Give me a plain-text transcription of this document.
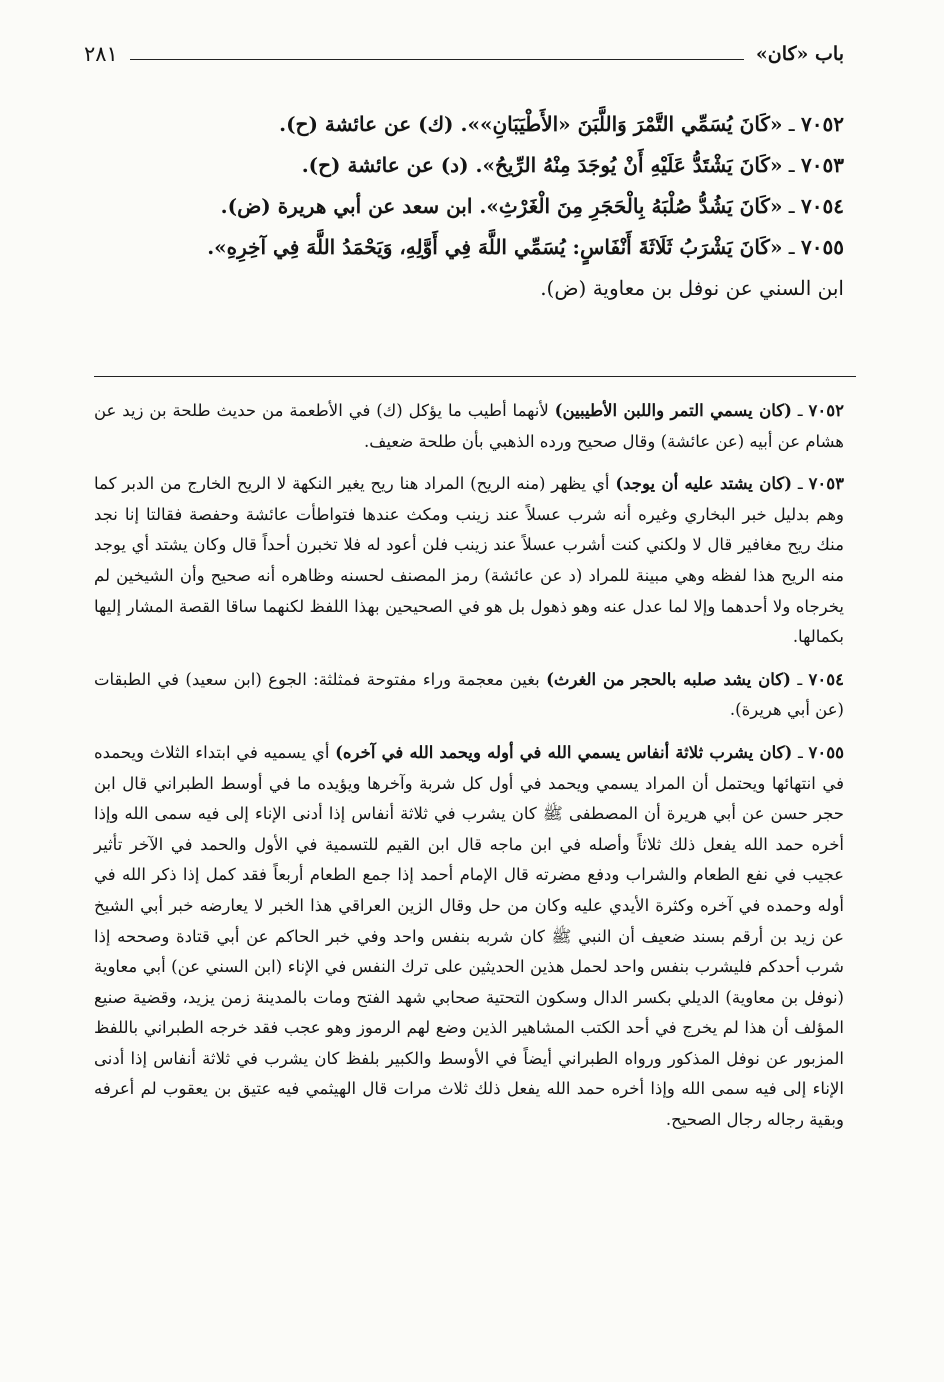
باب «كان»
٢٨١

٧٠٥٢ ـ «كَانَ يُسَمِّي التَّمْرَ وَاللَّبَنَ «الأَطْيَبَانِ»». (ك) عن عائشة (ح).

٧٠٥٣ ـ «كَانَ يَشْتَدُّ عَلَيْهِ أَنْ يُوجَدَ مِنْهُ الرِّيحُ». (د) عن عائشة (ح).

٧٠٥٤ ـ «كَانَ يَشُدُّ صُلْبَهُ بِالْحَجَرِ مِنَ الْغَرْثِ». ابن سعد عن أبي هريرة (ض).

٧٠٥٥ ـ «كَانَ يَشْرَبُ ثَلَاثَةَ أَنْفَاسٍ: يُسَمِّي اللَّهَ فِي أَوَّلِهِ، وَيَحْمَدُ اللَّهَ فِي آخِرِهِ».

ابن السني عن نوفل بن معاوية (ض).

٧٠٥٢ ـ (كان يسمي التمر واللبن الأطيبين) لأنهما أطيب ما يؤكل (ك) في الأطعمة من حديث طلحة بن زيد عن هشام عن أبيه (عن عائشة) وقال صحيح ورده الذهبي بأن طلحة ضعيف.

٧٠٥٣ ـ (كان يشتد عليه أن يوجد) أي يظهر (منه الريح) المراد هنا ريح يغير النكهة لا الريح الخارج من الدبر كما وهم بدليل خبر البخاري وغيره أنه شرب عسلاً عند زينب ومكث عندها فتواطأت عائشة وحفصة فقالتا إنا نجد منك ريح مغافير قال لا ولكني كنت أشرب عسلاً عند زينب فلن أعود له فلا تخبرن أحداً قال وكان يشتد أي يوجد منه الريح هذا لفظه وهي مبينة للمراد (د عن عائشة) رمز المصنف لحسنه وظاهره أنه صحيح وأن الشيخين لم يخرجاه ولا أحدهما وإلا لما عدل عنه وهو ذهول بل هو في الصحيحين بهذا اللفظ لكنهما ساقا القصة المشار إليها بكمالها.

٧٠٥٤ ـ (كان يشد صلبه بالحجر من الغرث) بغين معجمة وراء مفتوحة فمثلثة: الجوع (ابن سعيد) في الطبقات (عن أبي هريرة).

٧٠٥٥ ـ (كان يشرب ثلاثة أنفاس يسمي الله في أوله ويحمد الله في آخره) أي يسميه في ابتداء الثلاث ويحمده في انتهائها ويحتمل أن المراد يسمي ويحمد في أول كل شربة وآخرها ويؤيده ما في أوسط الطبراني قال ابن حجر حسن عن أبي هريرة أن المصطفى ﷺ كان يشرب في ثلاثة أنفاس إذا أدنى الإناء إلى فيه سمى الله وإذا أخره حمد الله يفعل ذلك ثلاثاً وأصله في ابن ماجه قال ابن القيم للتسمية في الأول والحمد في الآخر تأثير عجيب في نفع الطعام والشراب ودفع مضرته قال الإمام أحمد إذا جمع الطعام أربعاً فقد كمل إذا ذكر الله في أوله وحمده في آخره وكثرة الأيدي عليه وكان من حل وقال الزين العراقي هذا الخبر لا يعارضه خبر أبي الشيخ عن زيد بن أرقم بسند ضعيف أن النبي ﷺ كان شربه بنفس واحد وفي خبر الحاكم عن أبي قتادة وصححه إذا شرب أحدكم فليشرب بنفس واحد لحمل هذين الحديثين على ترك النفس في الإناء (ابن السني عن) أبي معاوية (نوفل بن معاوية) الديلي بكسر الدال وسكون التحتية صحابي شهد الفتح ومات بالمدينة زمن يزيد، وقضية صنيع المؤلف أن هذا لم يخرج في أحد الكتب المشاهير الذين وضع لهم الرموز وهو عجب فقد خرجه الطبراني باللفظ المزبور عن نوفل المذكور ورواه الطبراني أيضاً في الأوسط والكبير بلفظ كان يشرب في ثلاثة أنفاس إذا أدنى الإناء إلى فيه سمى الله وإذا أخره حمد الله يفعل ذلك ثلاث مرات قال الهيثمي فيه عتيق بن يعقوب لم أعرفه وبقية رجاله رجال الصحيح.
